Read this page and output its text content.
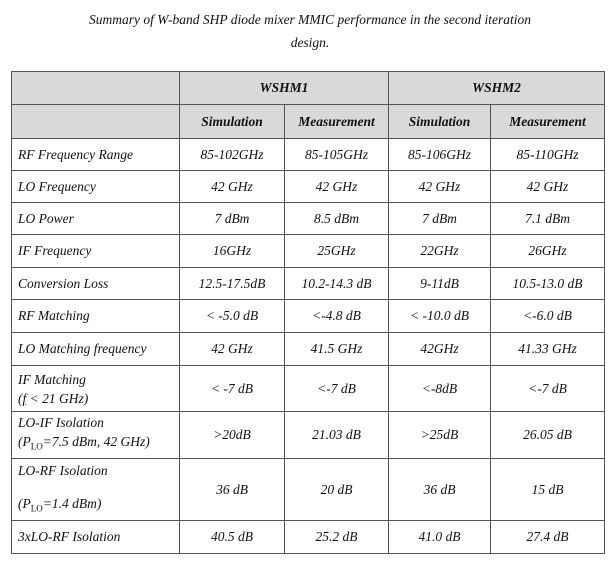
Summary of W-band SHP diode mixer MMIC performance in the second iteration
design.
	WSHM1		WSHM2	
	Simulation	Measurement	Simulation	Measurement
RF Frequency Range	85-102GHz	85-105GHz	85-106GHz	85-110GHz
LO Frequency	42 GHz	42 GHz	42 GHz	42 GHz
LO Power	7 dBm	8.5 dBm	7 dBm	7.1 dBm
IF Frequency	16GHz	25GHz	22GHz	26GHz
Conversion Loss	12.5-17.5dB	10.2-14.3 dB	9-11dB	10.5-13.0 dB
RF Matching	< -5.0 dB	<-4.8 dB	< -10.0 dB	<-6.0 dB
LO Matching frequency	42 GHz	41.5 GHz	42GHz	41.33 GHz

IF Matching
(f < 21 GHz)	< -7 dB	<-7 dB	<-8dB	<-7 dB

LO-IF Isolation
($P_{LO}=7.5$ dBm, 42 GHz)	>20dB	21.03 dB	>25dB	26.05 dB

LO-RF Isolation
($P_{LO}=1.4$ dBm)	36 dB	20 dB	36 dB	15 dB
3xLO-RF Isolation	40.5 dB	25.2 dB	41.0 dB	27.4 dB
